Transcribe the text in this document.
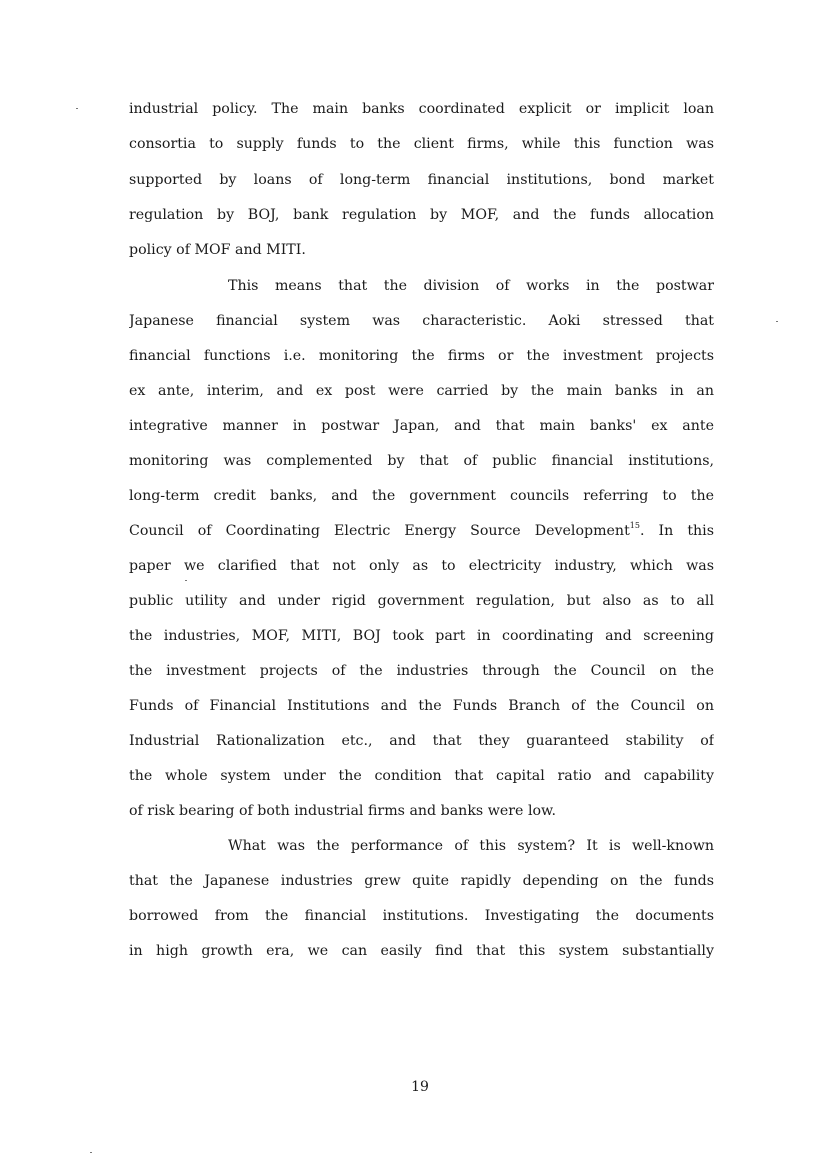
industrial policy. The main banks coordinated explicit or implicit loan
consortia to supply funds to the client firms, while this function was
supported by loans of long-term financial institutions, bond market
regulation by BOJ, bank regulation by MOF, and the funds allocation
policy of MOF and MITI.
This means that the division of works in the postwar
Japanese financial system was characteristic. Aoki stressed that
financial functions i.e. monitoring the firms or the investment projects
ex ante, interim, and ex post were carried by the main banks in an
integrative manner in postwar Japan, and that main banks' ex ante
monitoring was complemented by that of public financial institutions,
long-term credit banks, and the government councils referring to the
Council of Coordinating Electric Energy Source Development$^{15}$. In this
paper we clarified that not only as to electricity industry, which was
public utility and under rigid government regulation, but also as to all
the industries, MOF, MITI, BOJ took part in coordinating and screening
the investment projects of the industries through the Council on the
Funds of Financial Institutions and the Funds Branch of the Council on
Industrial Rationalization etc., and that they guaranteed stability of
the whole system under the condition that capital ratio and capability
of risk bearing of both industrial firms and banks were low.
What was the performance of this system? It is well-known
that the Japanese industries grew quite rapidly depending on the funds
borrowed from the financial institutions. Investigating the documents
in high growth era, we can easily find that this system substantially
19
